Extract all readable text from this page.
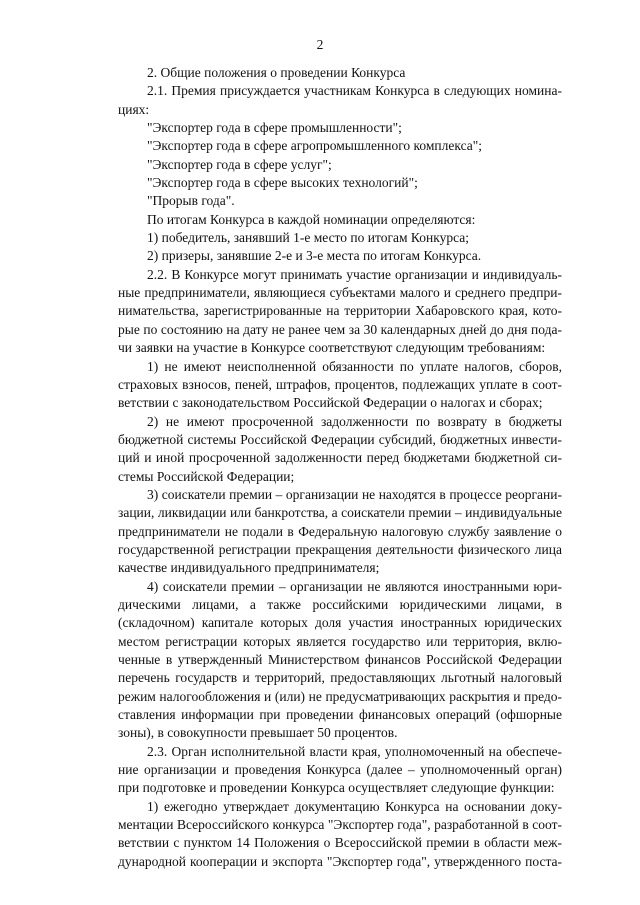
2
2. Общие положения о проведении Конкурса
2.1. Премия присуждается участникам Конкурса в следующих номина-
циях:
"Экспортер года в сфере промышленности";
"Экспортер года в сфере агропромышленного комплекса";
"Экспортер года в сфере услуг";
"Экспортер года в сфере высоких технологий";
"Прорыв года".
По итогам Конкурса в каждой номинации определяются:
1) победитель, занявший 1-е место по итогам Конкурса;
2) призеры, занявшие 2-е и 3-е места по итогам Конкурса.
2.2. В Конкурсе могут принимать участие организации и индивидуаль-
ные предприниматели, являющиеся субъектами малого и среднего предпри-
нимательства, зарегистрированные на территории Хабаровского края, кото-
рые по состоянию на дату не ранее чем за 30 календарных дней до дня пода-
чи заявки на участие в Конкурсе соответствуют следующим требованиям:
1) не имеют неисполненной обязанности по уплате налогов, сборов,
страховых взносов, пеней, штрафов, процентов, подлежащих уплате в соот-
ветствии с законодательством Российской Федерации о налогах и сборах;
2) не имеют просроченной задолженности по возврату в бюджеты
бюджетной системы Российской Федерации субсидий, бюджетных инвести-
ций и иной просроченной задолженности перед бюджетами бюджетной си-
стемы Российской Федерации;
3) соискатели премии – организации не находятся в процессе реоргани-
зации, ликвидации или банкротства, а соискатели премии – индивидуальные
предприниматели не подали в Федеральную налоговую службу заявление о
государственной регистрации прекращения деятельности физического лица
качестве индивидуального предпринимателя;
4) соискатели премии – организации не являются иностранными юри-
дическими лицами, а также российскими юридическими лицами, в
(складочном) капитале которых доля участия иностранных юридических
местом регистрации которых является государство или территория, вклю-
ченные в утвержденный Министерством финансов Российской Федерации
перечень государств и территорий, предоставляющих льготный налоговый
режим налогообложения и (или) не предусматривающих раскрытия и предо-
ставления информации при проведении финансовых операций (офшорные
зоны), в совокупности превышает 50 процентов.
2.3. Орган исполнительной власти края, уполномоченный на обеспече-
ние организации и проведения Конкурса (далее – уполномоченный орган)
при подготовке и проведении Конкурса осуществляет следующие функции:
1) ежегодно утверждает документацию Конкурса на основании доку-
ментации Всероссийского конкурса "Экспортер года", разработанной в соот-
ветствии с пунктом 14 Положения о Всероссийской премии в области меж-
дународной кооперации и экспорта "Экспортер года", утвержденного поста-
